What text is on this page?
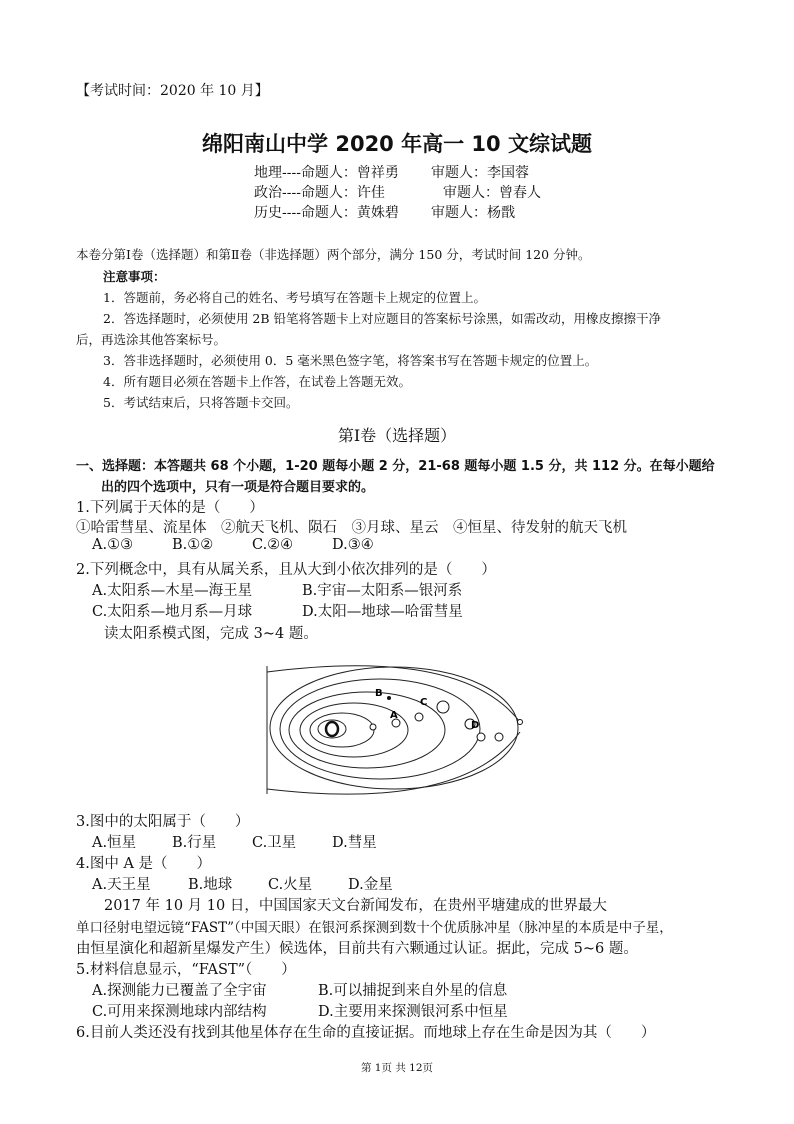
【考试时间：2020 年 10 月】
绵阳南山中学 2020 年高一 10 文综试题
地理----命题人：曾祥勇 审题人：李国蓉
政治----命题人：许佳	审题人：曾春人
历史----命题人：黄姝碧 审题人：杨戬
本卷分第Ⅰ卷（选择题）和第Ⅱ卷（非选择题）两个部分，满分 150 分，考试时间 120 分钟。
注意事项：
1．答题前，务必将自己的姓名、考号填写在答题卡上规定的位置上。
2．答选择题时，必须使用 2B 铅笔将答题卡上对应题目的答案标号涂黑，如需改动，用橡皮擦擦干净
后，再选涂其他答案标号。
3．答非选择题时，必须使用 0．5 毫米黑色签字笔，将答案书写在答题卡规定的位置上。
4．所有题目必须在答题卡上作答，在试卷上答题无效。
5．考试结束后，只将答题卡交回。
第Ⅰ卷（选择题）
一、选择题：本答题共 68 个小题，1-20 题每小题 2 分，21-68 题每小题 1.5 分，共 112 分。在每小题给
出的四个选项中，只有一项是符合题目要求的。
1.下列属于天体的是（　　）
①哈雷彗星、流星体　②航天飞机、陨石　③月球、星云　④恒星、待发射的航天飞机
A.①③	B.①②	C.②④	D.③④
2.下列概念中，具有从属关系，且从大到小依次排列的是（　　）
A.太阳系—木星—海王星	B.宇宙—太阳系—银河系
C.太阳系—地月系—月球	D.太阳—地球—哈雷彗星
读太阳系模式图，完成 3~4 题。
B
A
C
D
3.图中的太阳属于（　　）
A.恒星 B.行星 C.卫星 D.彗星
4.图中 A 是（　　）
A.天王星	B.地球 C.火星 D.金星
2017 年 10 月 10 日，中国国家天文台新闻发布，在贵州平塘建成的世界最大
单口径射电望远镜“FAST”（中国天眼）在银河系探测到数十个优质脉冲星（脉冲星的本质是中子星，
由恒星演化和超新星爆发产生）候选体，目前共有六颗通过认证。据此，完成 5~6 题。
5.材料信息显示，“FAST”（　　）
A.探测能力已覆盖了全宇宙	B.可以捕捉到来自外星的信息
C.可用来探测地球内部结构	D.主要用来探测银河系中恒星
6.目前人类还没有找到其他星体存在生命的直接证据。而地球上存在生命是因为其（　　）
第 1页 共 12页
